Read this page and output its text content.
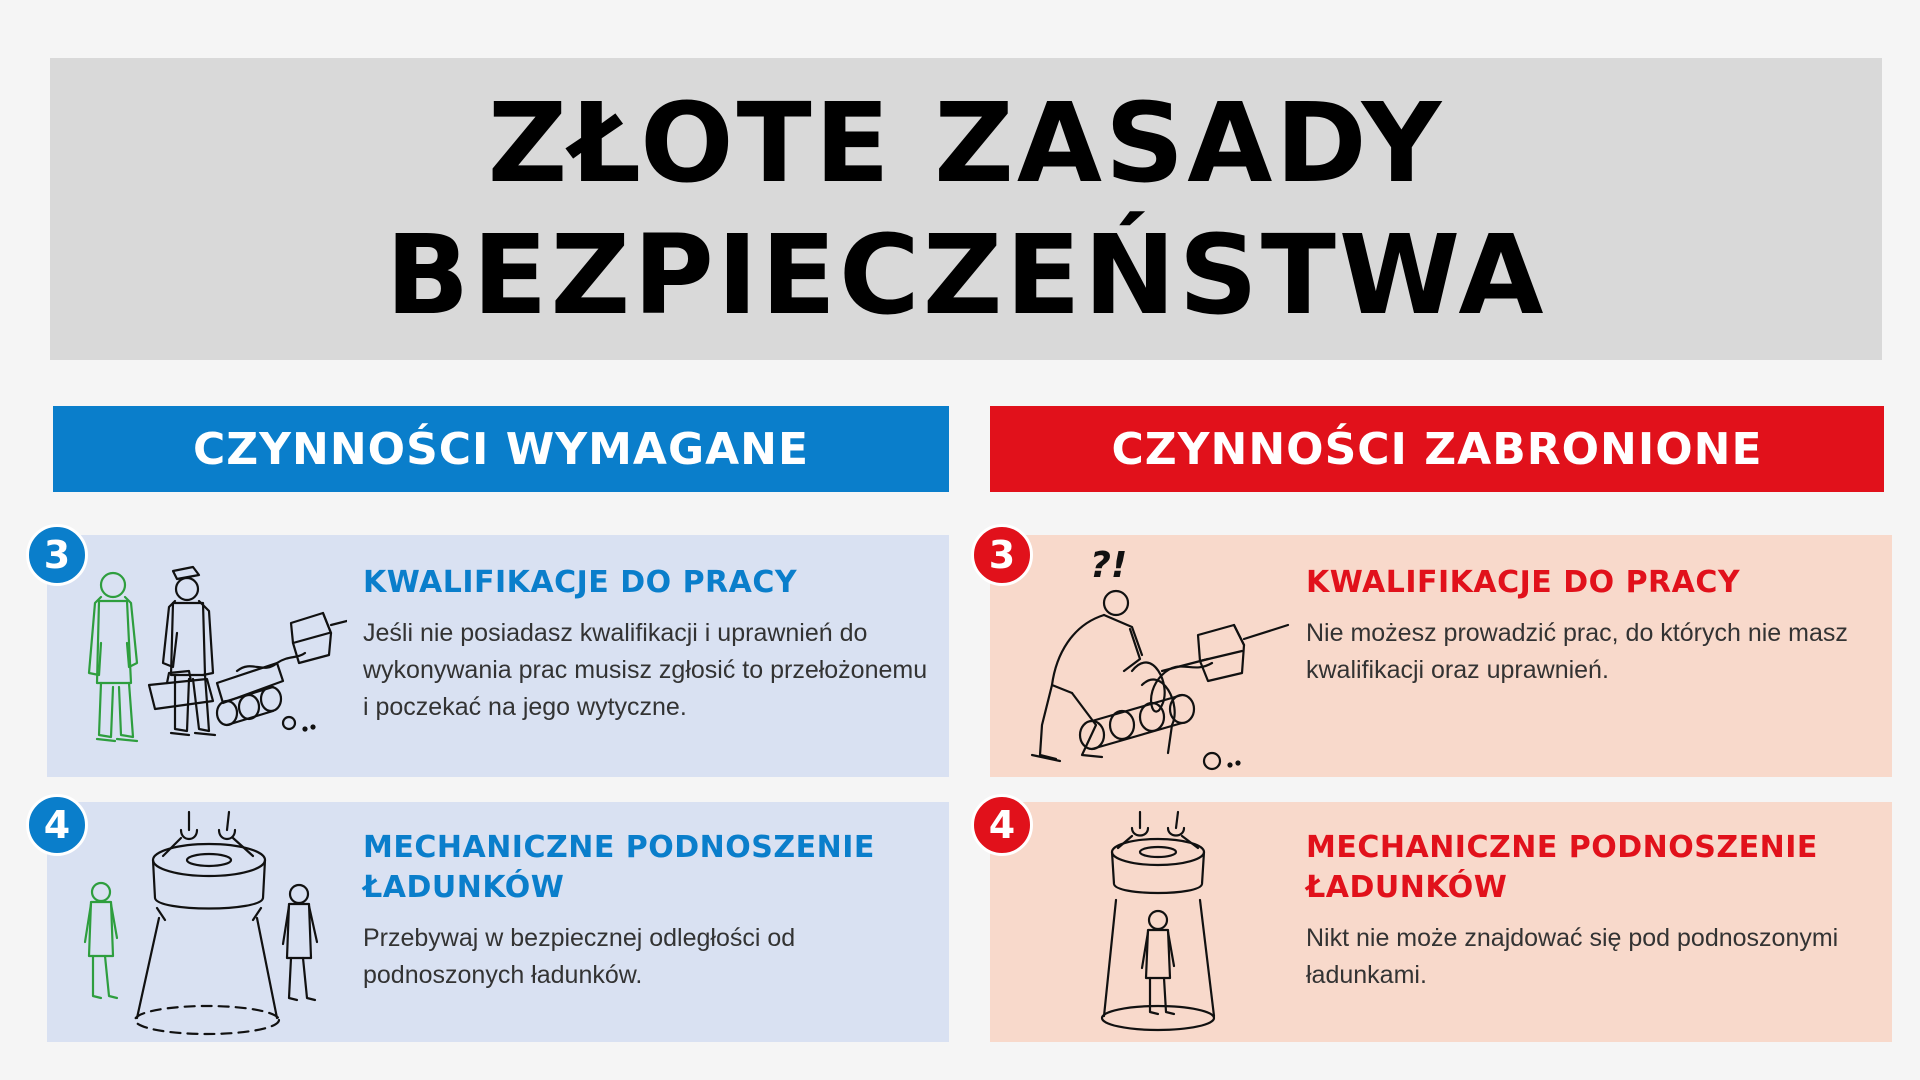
ZŁOTE ZASADY
BEZPIECZEŃSTWA
CZYNNOŚCI WYMAGANE	CZYNNOŚCI ZABRONIONE
KWALIFIKACJE DO PRACY
Jeśli nie posiadasz kwalifikacji i uprawnień do wykonywania prac musisz zgłosić to przełożonemu i poczekać na jego wytyczne.
3
MECHANICZNE PODNOSZENIE ŁADUNKÓW
Przebywaj w bezpiecznej odległości od podnoszonych ładunków.
4
?!	KWALIFIKACJE DO PRACY
Nie możesz prowadzić prac, do których nie masz kwalifikacji oraz uprawnień.
3
MECHANICZNE PODNOSZENIE ŁADUNKÓW
Nikt nie może znajdować się pod podnoszonymi ładunkami.
4
